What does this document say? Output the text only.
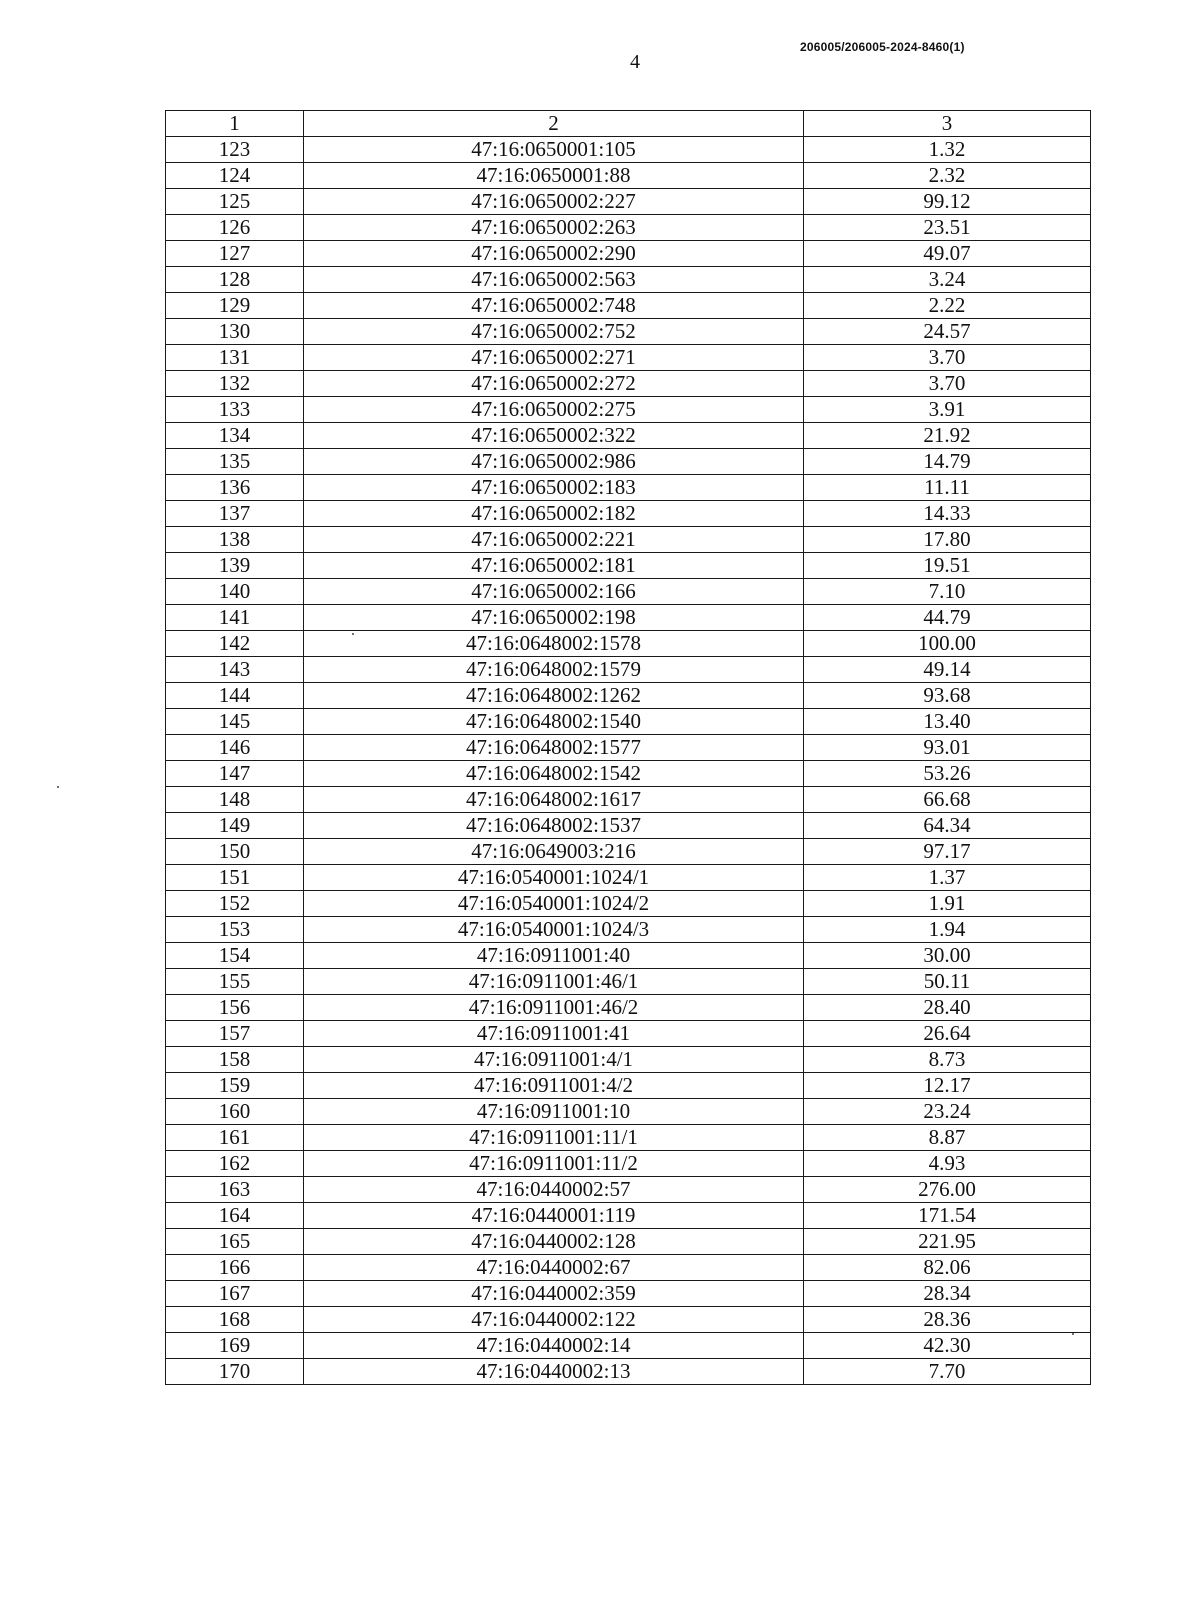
4
206005/206005-2024-8460(1)
1	2	3
123	47:16:0650001:105	1.32
124	47:16:0650001:88	2.32
125	47:16:0650002:227	99.12
126	47:16:0650002:263	23.51
127	47:16:0650002:290	49.07
128	47:16:0650002:563	3.24
129	47:16:0650002:748	2.22
130	47:16:0650002:752	24.57
131	47:16:0650002:271	3.70
132	47:16:0650002:272	3.70
133	47:16:0650002:275	3.91
134	47:16:0650002:322	21.92
135	47:16:0650002:986	14.79
136	47:16:0650002:183	11.11
137	47:16:0650002:182	14.33
138	47:16:0650002:221	17.80
139	47:16:0650002:181	19.51
140	47:16:0650002:166	7.10
141	47:16:0650002:198	44.79
142	47:16:0648002:1578	100.00
143	47:16:0648002:1579	49.14
144	47:16:0648002:1262	93.68
145	47:16:0648002:1540	13.40
146	47:16:0648002:1577	93.01
147	47:16:0648002:1542	53.26
148	47:16:0648002:1617	66.68
149	47:16:0648002:1537	64.34
150	47:16:0649003:216	97.17
151	47:16:0540001:1024/1	1.37
152	47:16:0540001:1024/2	1.91
153	47:16:0540001:1024/3	1.94
154	47:16:0911001:40	30.00
155	47:16:0911001:46/1	50.11
156	47:16:0911001:46/2	28.40
157	47:16:0911001:41	26.64
158	47:16:0911001:4/1	8.73
159	47:16:0911001:4/2	12.17
160	47:16:0911001:10	23.24
161	47:16:0911001:11/1	8.87
162	47:16:0911001:11/2	4.93
163	47:16:0440002:57	276.00
164	47:16:0440001:119	171.54
165	47:16:0440002:128	221.95
166	47:16:0440002:67	82.06
167	47:16:0440002:359	28.34
168	47:16:0440002:122	28.36
169	47:16:0440002:14	42.30
170	47:16:0440002:13	7.70
